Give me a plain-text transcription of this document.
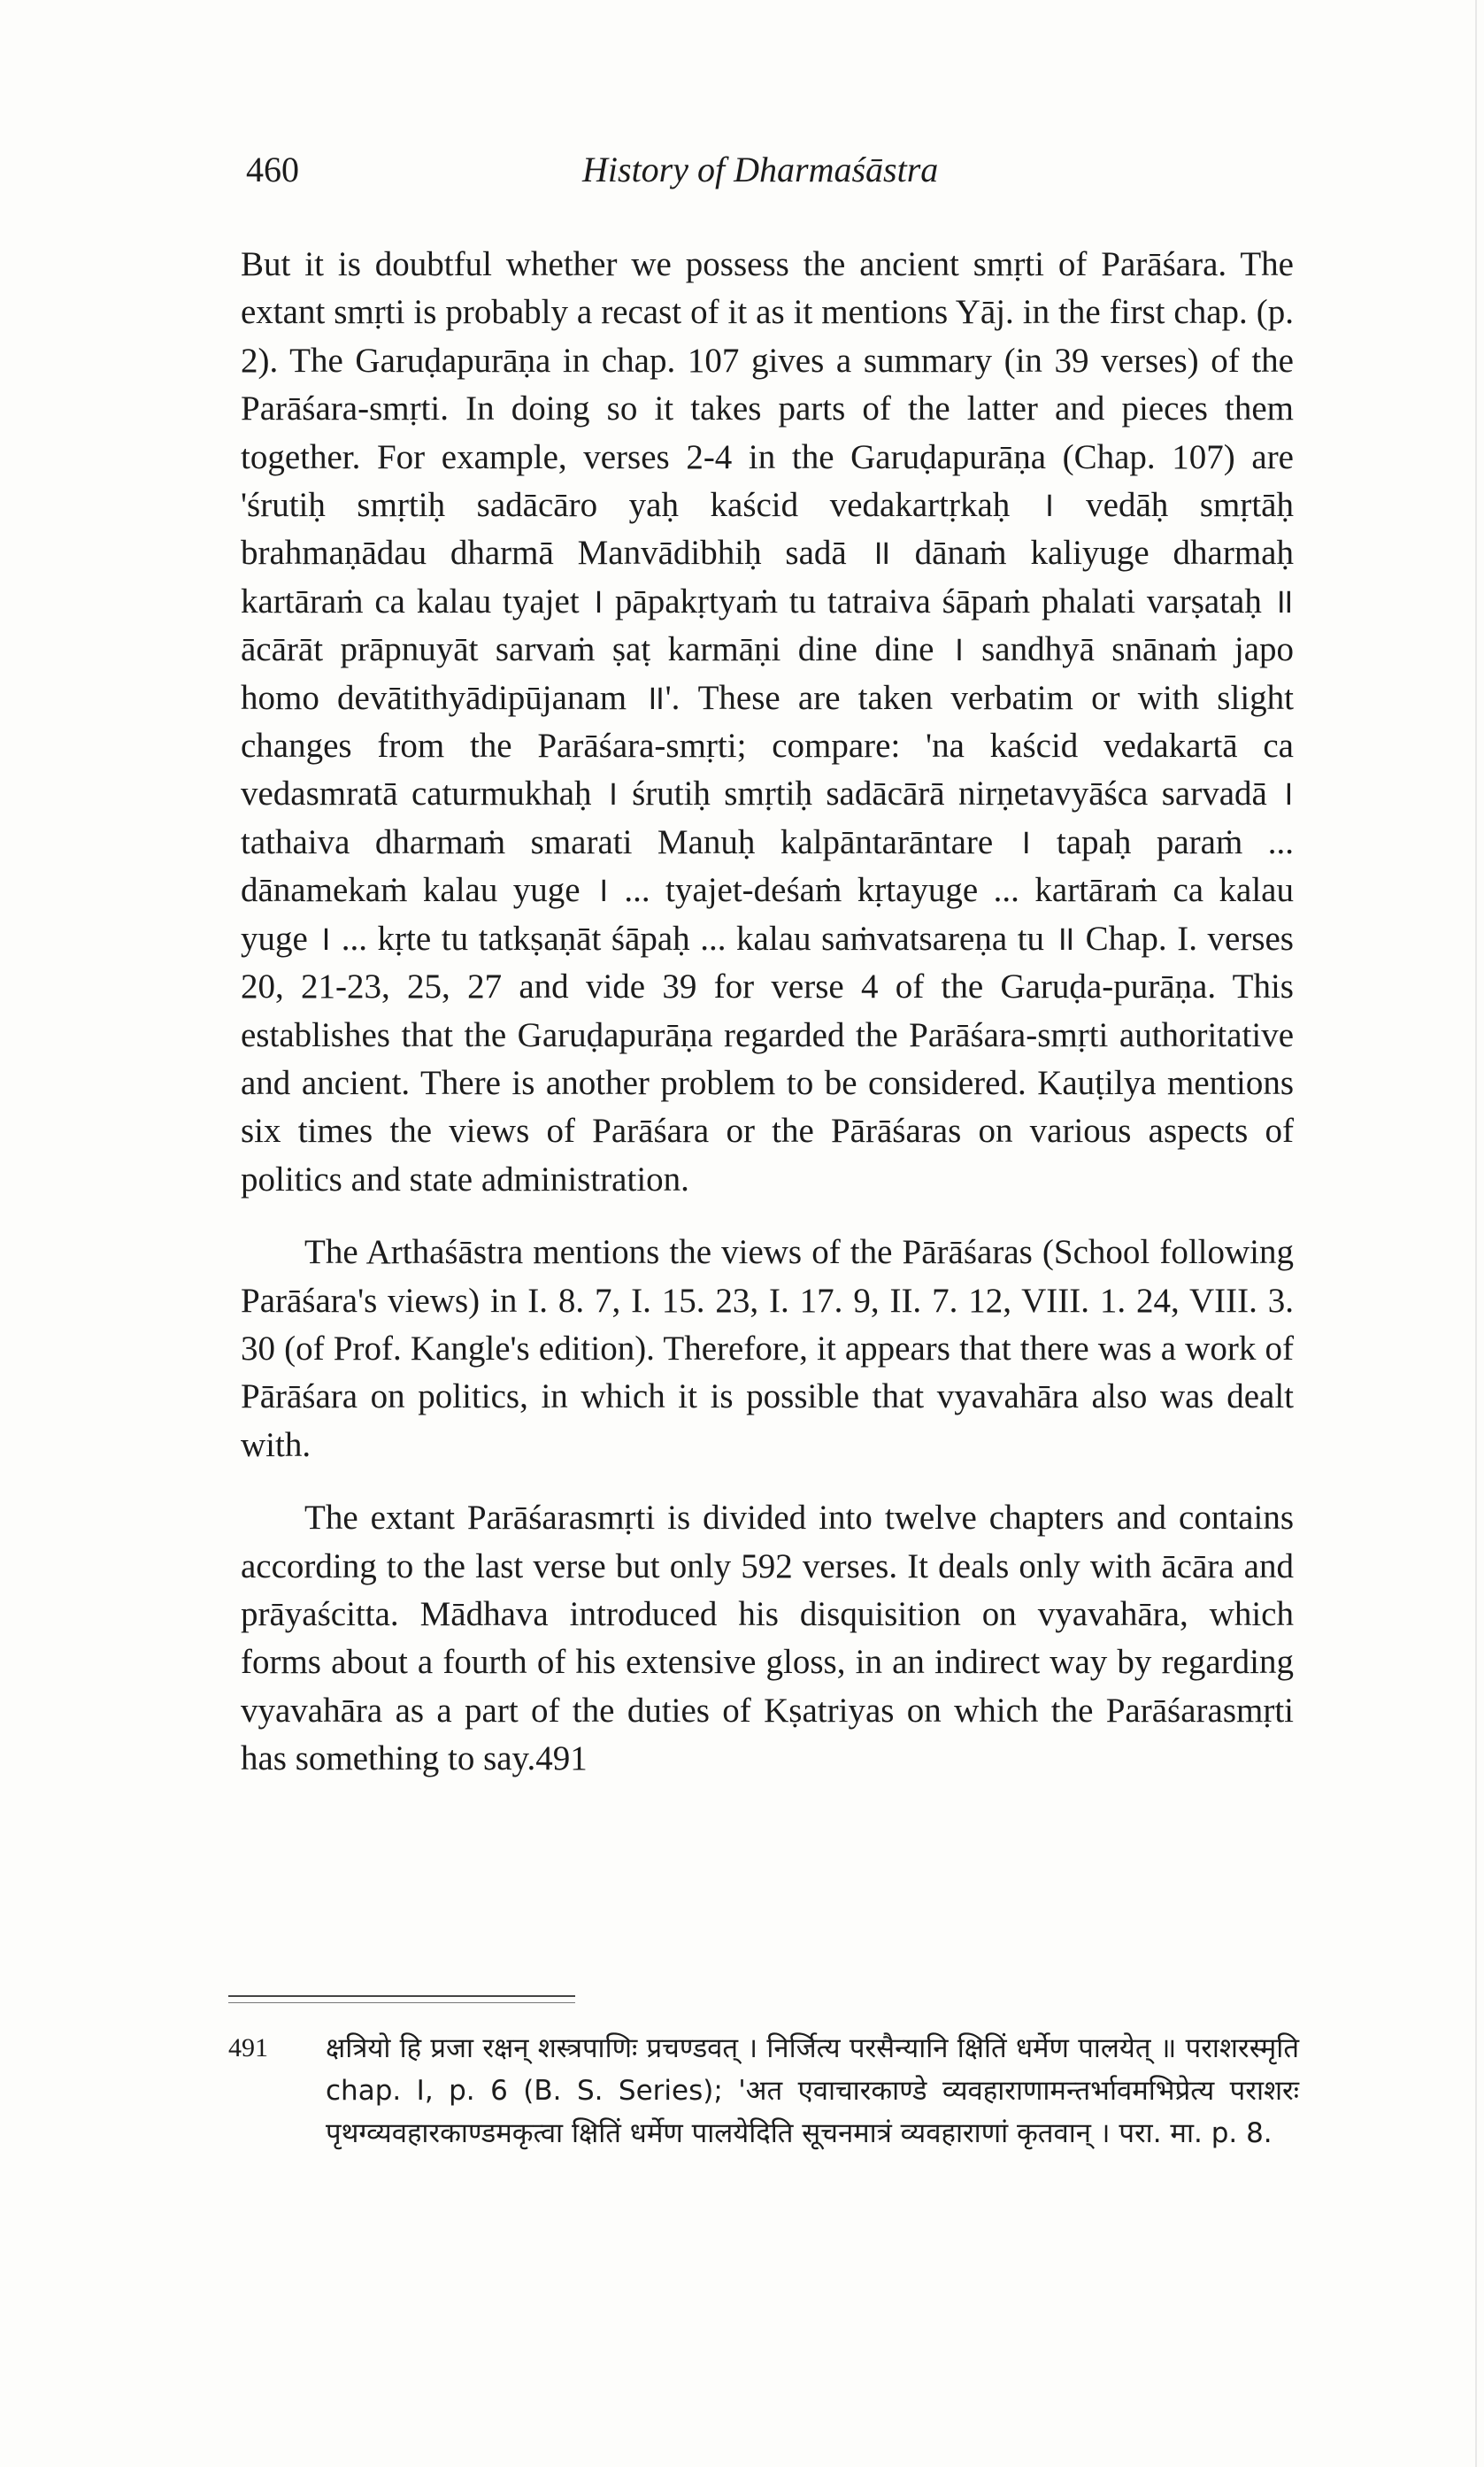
460	History of Dharmaśāstra

But it is doubtful whether we possess the ancient smṛti of Parāśara. The extant smṛti is probably a recast of it as it mentions Yāj. in the first chap. (p. 2). The Garuḍapurāṇa in chap. 107 gives a summary (in 39 verses) of the Parāśara-smṛti. In doing so it takes parts of the latter and pieces them together. For example, verses 2-4 in the Garuḍapurāṇa (Chap. 107) are 'śrutiḥ smṛtiḥ sadācāro yaḥ kaścid vedakartṛkaḥ । vedāḥ smṛtāḥ brahmaṇādau dharmā Manvādibhiḥ sadā ॥ dānaṁ kaliyuge dharmaḥ kartāraṁ ca kalau tyajet । pāpakṛtyaṁ tu tatraiva śāpaṁ phalati varṣataḥ ॥ ācārāt prāpnuyāt sarvaṁ ṣaṭ karmāṇi dine dine । sandhyā snānaṁ japo homo devātithyādipūjanam ॥'. These are taken verbatim or with slight changes from the Parāśara-smṛti; compare: 'na kaścid vedakartā ca vedasmratā caturmukhaḥ । śrutiḥ smṛtiḥ sadācārā nirṇetavyāśca sarvadā । tathaiva dharmaṁ smarati Manuḥ kalpāntarāntare । tapaḥ paraṁ ... dānamekaṁ kalau yuge । ... tyajet-deśaṁ kṛtayuge ... kartāraṁ ca kalau yuge । ... kṛte tu tatkṣaṇāt śāpaḥ ... kalau saṁvatsareṇa tu ॥ Chap. I. verses 20, 21-23, 25, 27 and vide 39 for verse 4 of the Garuḍa-purāṇa. This establishes that the Garuḍapurāṇa regarded the Parāśara-smṛti authoritative and ancient. There is another problem to be considered. Kauṭilya mentions six times the views of Parāśara or the Pārāśaras on various aspects of politics and state administration.

The Arthaśāstra mentions the views of the Pārāśaras (School following Parāśara's views) in I. 8. 7, I. 15. 23, I. 17. 9, II. 7. 12, VIII. 1. 24, VIII. 3. 30 (of Prof. Kangle's edition). Therefore, it appears that there was a work of Pārāśara on politics, in which it is possible that vyavahāra also was dealt with.

The extant Parāśarasmṛti is divided into twelve chapters and contains according to the last verse but only 592 verses. It deals only with ācāra and prāyaścitta. Mādhava introduced his disquisition on vyavahāra, which forms about a fourth of his extensive gloss, in an indirect way by regarding vyavahāra as a part of the duties of Kṣatriyas on which the Parāśarasmṛti has something to say.491

491 क्षत्रियो हि प्रजा रक्षन् शस्त्रपाणिः प्रचण्डवत् । निर्जित्य परसैन्यानि क्षितिं धर्मेण पालयेत् ॥ पराशरस्मृति chap. I, p. 6 (B. S. Series); 'अत एवाचारकाण्डे व्यवहाराणामन्तर्भावमभिप्रेत्य पराशरः पृथग्व्यवहारकाण्डमकृत्वा क्षितिं धर्मेण पालयेदिति सूचनमात्रं व्यवहाराणां कृतवान् । परा. मा. p. 8.
